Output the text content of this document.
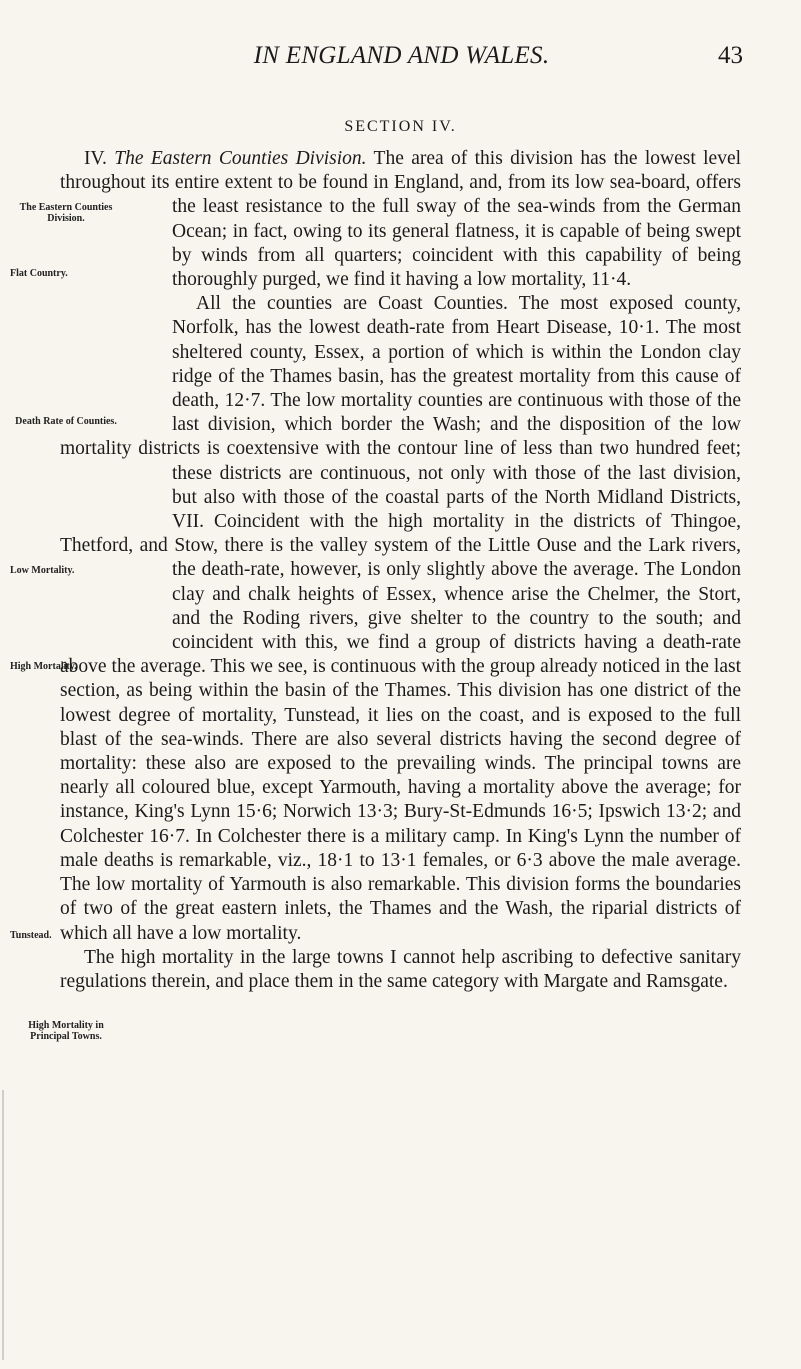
IN ENGLAND AND WALES.	43
SECTION IV.
The Eastern Counties Division.
Flat Country.
Death Rate of Counties.
Low Mortality.
High Mortality.
Tunstead.
High Mortality in Principal Towns.

IV. The Eastern Counties Division. The area of this division has the lowest level throughout its entire extent to be found in England, and, from its low sea-board, offers the least resistance to the full sway of the sea-winds from the German Ocean; in fact, owing to its general flatness, it is capable of being swept by winds from all quarters; coincident with this capability of being thoroughly purged, we find it having a low mortality, 11·4.

All the counties are Coast Counties. The most exposed county, Norfolk, has the lowest death-rate from Heart Disease, 10·1. The most sheltered county, Essex, a portion of which is within the London clay ridge of the Thames basin, has the greatest mortality from this cause of death, 12·7. The low mortality counties are continuous with those of the last division, which border the Wash; and the disposition of the low mortality districts is coextensive with the contour line of less than two hundred feet; these districts are continuous, not only with those of the last division, but also with those of the coastal parts of the North Midland Districts, VII. Coincident with the high mortality in the districts of Thingoe, Thetford, and Stow, there is the valley system of the Little Ouse and the Lark rivers, the death-rate, however, is only slightly above the average. The London clay and chalk heights of Essex, whence arise the Chelmer, the Stort, and the Roding rivers, give shelter to the country to the south; and coincident with this, we find a group of districts having a death-rate above the average. This we see, is continuous with the group already noticed in the last section, as being within the basin of the Thames. This division has one district of the lowest degree of mortality, Tunstead, it lies on the coast, and is exposed to the full blast of the sea-winds. There are also several districts having the second degree of mortality: these also are exposed to the prevailing winds. The principal towns are nearly all coloured blue, except Yarmouth, having a mortality above the average; for instance, King's Lynn 15·6; Norwich 13·3; Bury-St-Edmunds 16·5; Ipswich 13·2; and Colchester 16·7. In Colchester there is a military camp. In King's Lynn the number of male deaths is remarkable, viz., 18·1 to 13·1 females, or 6·3 above the male average. The low mortality of Yarmouth is also remarkable. This division forms the boundaries of two of the great eastern inlets, the Thames and the Wash, the riparial districts of which all have a low mortality.

The high mortality in the large towns I cannot help ascribing to defective sanitary regulations therein, and place them in the same category with Margate and Ramsgate.
